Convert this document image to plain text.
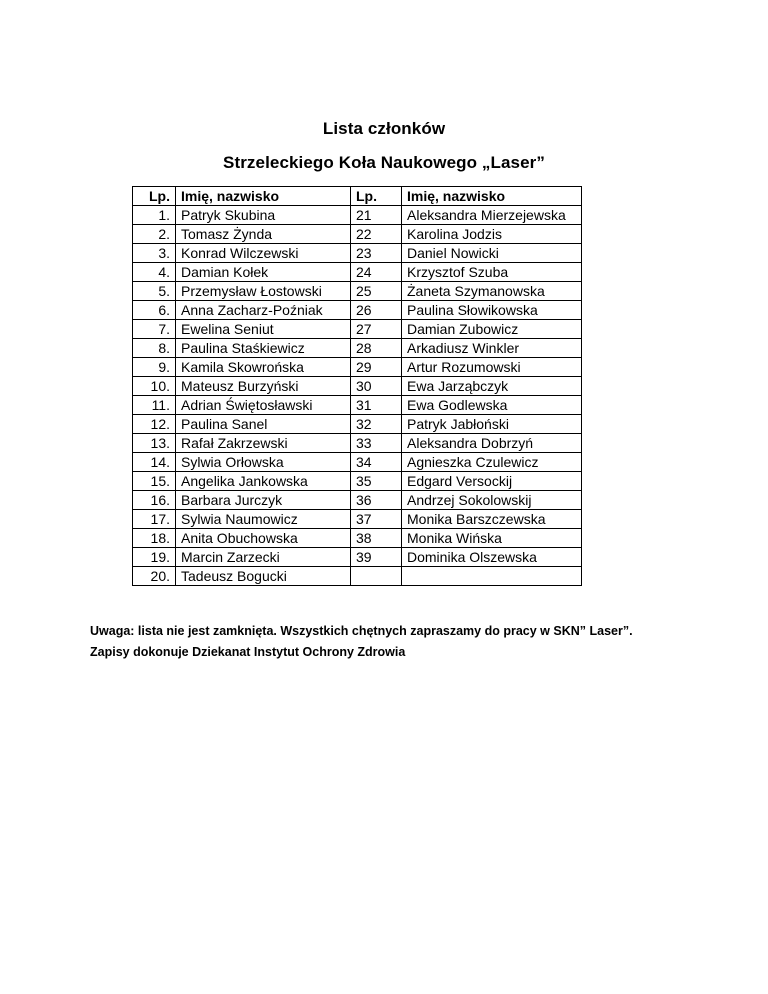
Lista członków
Strzeleckiego Koła Naukowego „Laser”
Lp.	Imię, nazwisko	Lp.	Imię, nazwisko
1.	Patryk Skubina	21	Aleksandra Mierzejewska
2.	Tomasz Żynda	22	Karolina Jodzis
3.	Konrad Wilczewski	23	Daniel Nowicki
4.	Damian Kołek	24	Krzysztof Szuba
5.	Przemysław Łostowski	25	Żaneta Szymanowska
6.	Anna Zacharz-Poźniak	26	Paulina Słowikowska
7.	Ewelina Seniut	27	Damian Zubowicz
8.	Paulina Staśkiewicz	28	Arkadiusz Winkler
9.	Kamila Skowrońska	29	Artur Rozumowski
10.	Mateusz Burzyński	30	Ewa Jarząbczyk
11.	Adrian Świętosławski	31	Ewa Godlewska
12.	Paulina Sanel	32	Patryk Jabłoński
13.	Rafał Zakrzewski	33	Aleksandra Dobrzyń
14.	Sylwia Orłowska	34	Agnieszka Czulewicz
15.	Angelika Jankowska	35	Edgard Versockij
16.	Barbara Jurczyk	36	Andrzej Sokolowskij
17.	Sylwia Naumowicz	37	Monika Barszczewska
18.	Anita Obuchowska	38	Monika Wińska
19.	Marcin Zarzecki	39	Dominika Olszewska
20.	Tadeusz Bogucki		
Uwaga: lista nie jest zamknięta. Wszystkich chętnych zapraszamy do pracy w SKN” Laser”.
Zapisy dokonuje Dziekanat Instytut Ochrony Zdrowia
